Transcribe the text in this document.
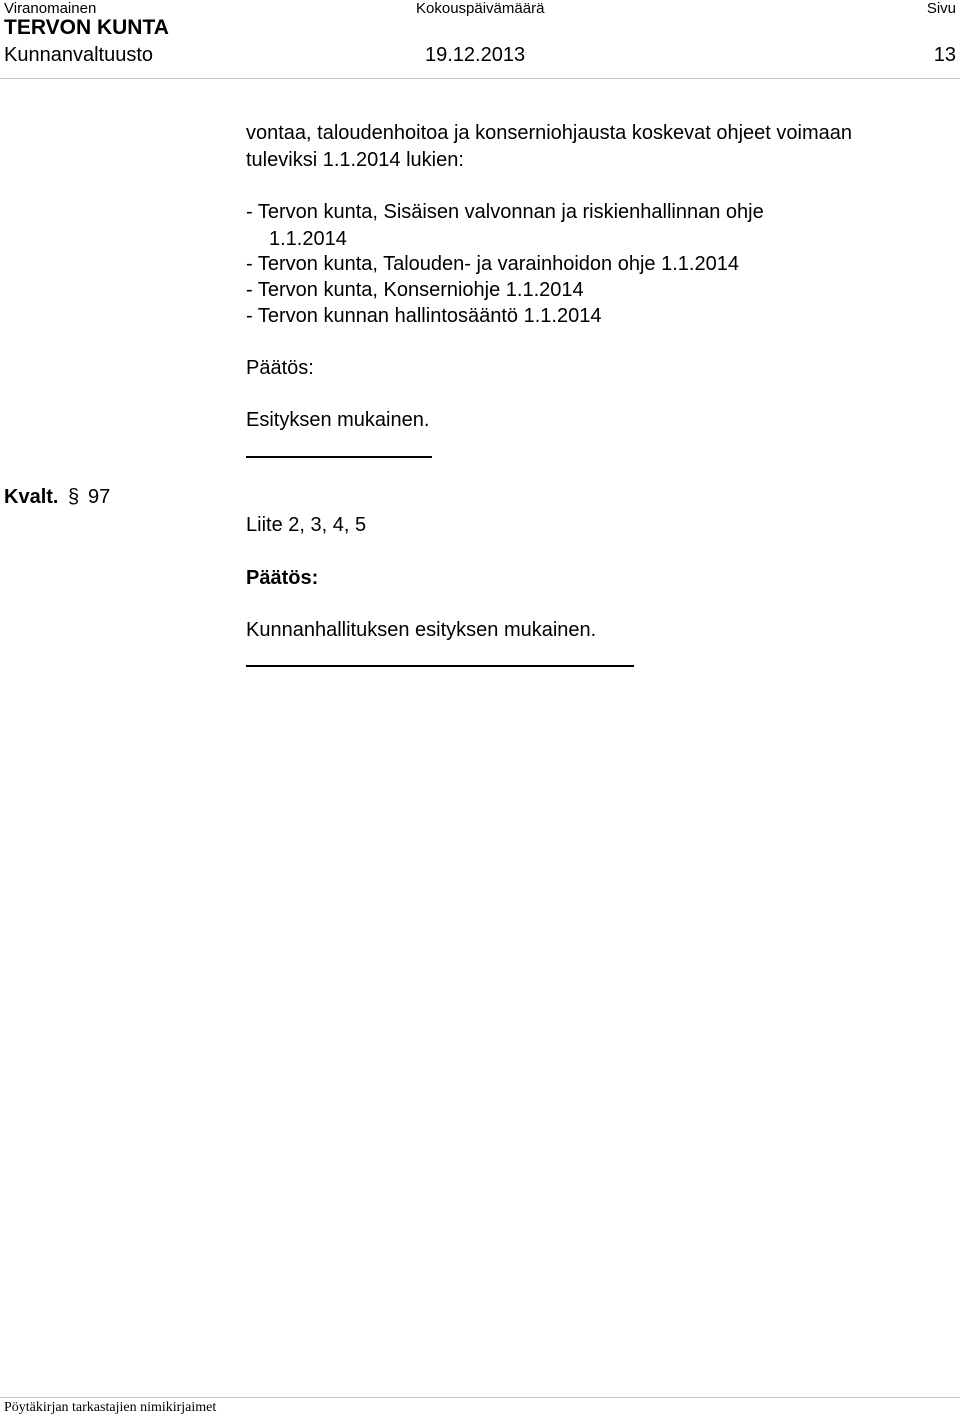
Viranomainen	Kokouspäivämäärä	Sivu
TERVON KUNTA
Kunnanvaltuusto	19.12.2013	13
vontaa, taloudenhoitoa ja konserniohjausta koskevat ohjeet voimaan
tuleviksi 1.1.2014 lukien:
- Tervon kunta, Sisäisen valvonnan ja riskienhallinnan ohje
1.1.2014
- Tervon kunta, Talouden- ja varainhoidon ohje 1.1.2014
- Tervon kunta, Konserniohje 1.1.2014
- Tervon kunnan hallintosääntö 1.1.2014
Päätös:
Esityksen mukainen.
Kvalt. § 97
Liite 2, 3, 4, 5
Päätös:
Kunnanhallituksen esityksen mukainen.
Pöytäkirjan tarkastajien nimikirjaimet
